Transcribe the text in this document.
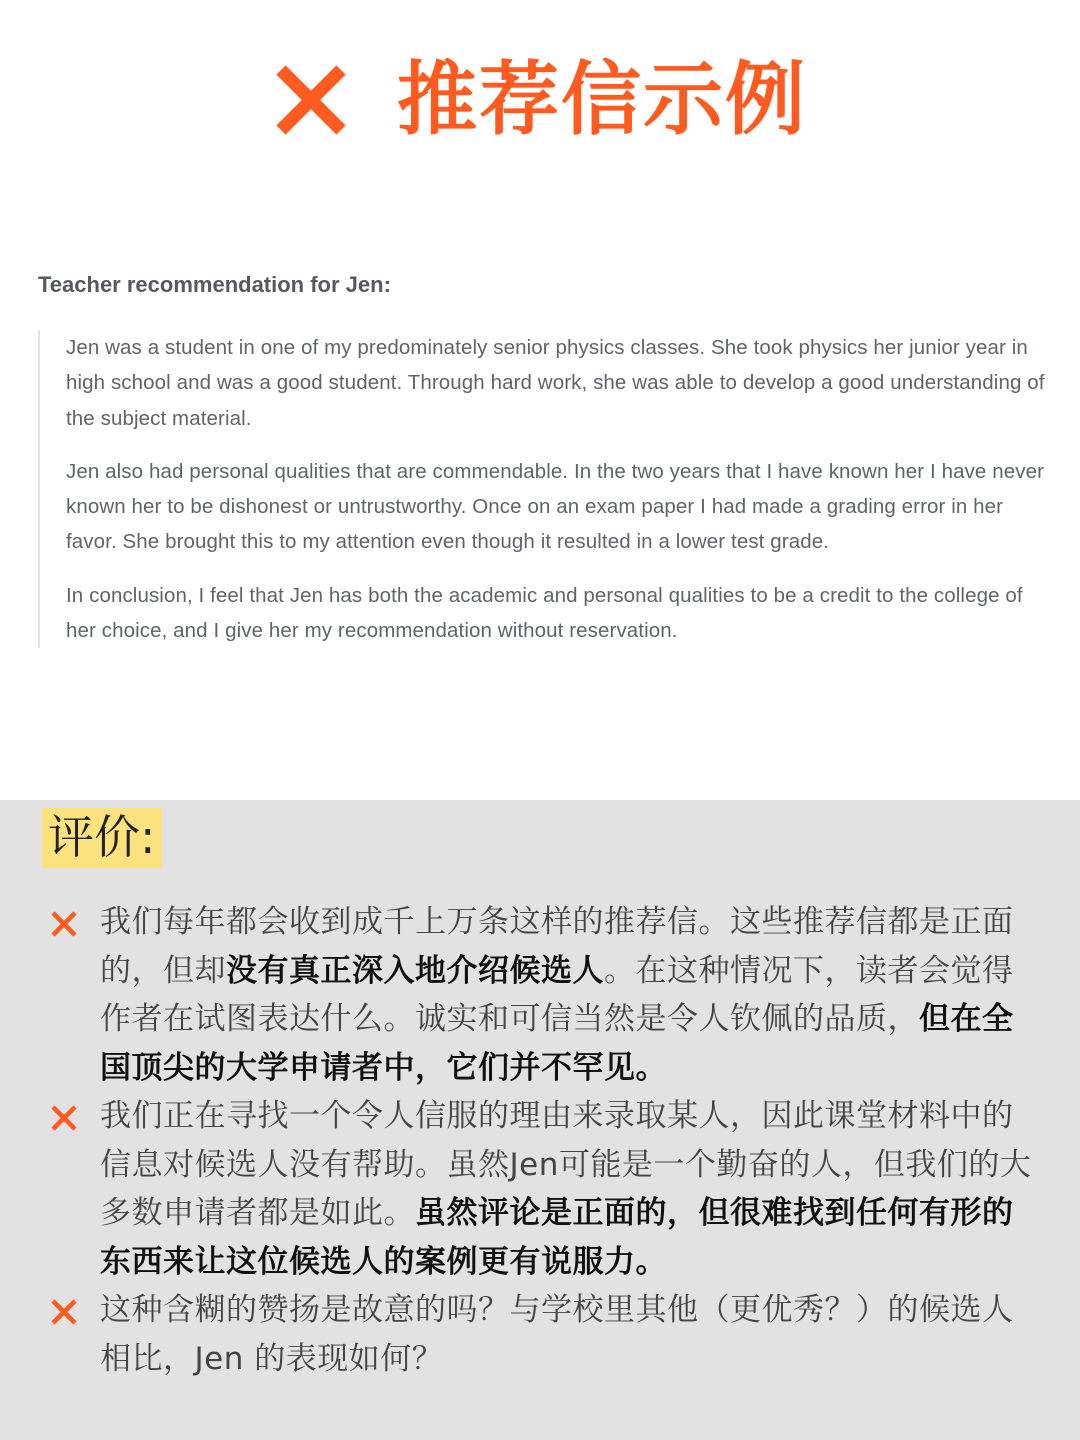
推荐信示例
Teacher recommendation for Jen:

Jen was a student in one of my predominately senior physics classes. She took physics her junior year in high school and was a good student. Through hard work, she was able to develop a good understanding of the subject material.

Jen also had personal qualities that are commendable. In the two years that I have known her I have never known her to be dishonest or untrustworthy. Once on an exam paper I had made a grading error in her favor. She brought this to my attention even though it resulted in a lower test grade.

In conclusion, I feel that Jen has both the academic and personal qualities to be a credit to the college of her choice, and I give her my recommendation without reservation.

评价:
我们每年都会收到成千上万条这样的推荐信。这些推荐信都是正面的，但却没有真正深入地介绍候选人。在这种情况下，读者会觉得作者在试图表达什么。诚实和可信当然是令人钦佩的品质，但在全国顶尖的大学申请者中，它们并不罕见。
我们正在寻找一个令人信服的理由来录取某人，因此课堂材料中的信息对候选人没有帮助。虽然Jen可能是一个勤奋的人，但我们的大多数申请者都是如此。虽然评论是正面的，但很难找到任何有形的东西来让这位候选人的案例更有说服力。
这种含糊的赞扬是故意的吗？与学校里其他（更优秀？）的候选人相比，Jen 的表现如何？
